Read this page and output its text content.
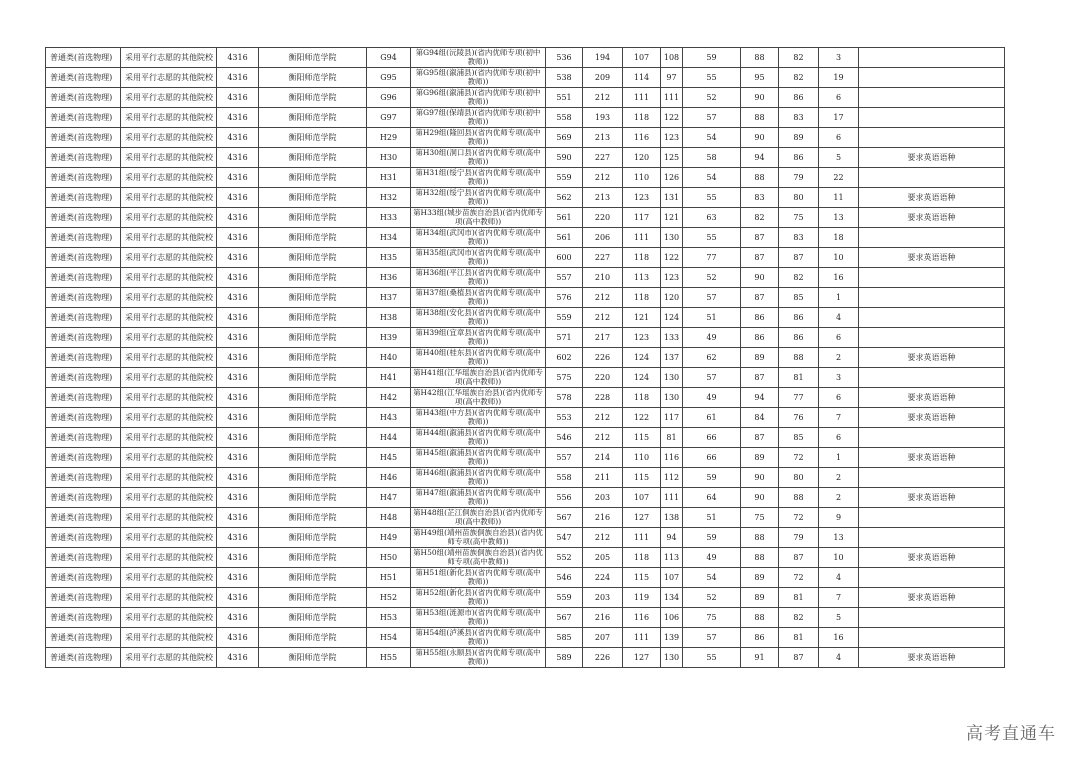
普通类(首选物理)	采用平行志愿的其他院校	4316	衡阳师范学院	G94	第G94组(沅陵县)(省内优师专项(初中教师))	536	194	107	108	59	88	82	3	
普通类(首选物理)	采用平行志愿的其他院校	4316	衡阳师范学院	G95	第G95组(溆浦县)(省内优师专项(初中教师))	538	209	114	97	55	95	82	19	
普通类(首选物理)	采用平行志愿的其他院校	4316	衡阳师范学院	G96	第G96组(溆浦县)(省内优师专项(初中教师))	551	212	111	111	52	90	86	6	
普通类(首选物理)	采用平行志愿的其他院校	4316	衡阳师范学院	G97	第G97组(保靖县)(省内优师专项(初中教师))	558	193	118	122	57	88	83	17	
普通类(首选物理)	采用平行志愿的其他院校	4316	衡阳师范学院	H29	第H29组(隆回县)(省内优师专项(高中教师))	569	213	116	123	54	90	89	6	
普通类(首选物理)	采用平行志愿的其他院校	4316	衡阳师范学院	H30	第H30组(洞口县)(省内优师专项(高中教师))	590	227	120	125	58	94	86	5	要求英语语种
普通类(首选物理)	采用平行志愿的其他院校	4316	衡阳师范学院	H31	第H31组(绥宁县)(省内优师专项(高中教师))	559	212	110	126	54	88	79	22	
普通类(首选物理)	采用平行志愿的其他院校	4316	衡阳师范学院	H32	第H32组(绥宁县)(省内优师专项(高中教师))	562	213	123	131	55	83	80	11	要求英语语种
普通类(首选物理)	采用平行志愿的其他院校	4316	衡阳师范学院	H33	第H33组(城步苗族自治县)(省内优师专项(高中教师))	561	220	117	121	63	82	75	13	要求英语语种
普通类(首选物理)	采用平行志愿的其他院校	4316	衡阳师范学院	H34	第H34组(武冈市)(省内优师专项(高中教师))	561	206	111	130	55	87	83	18	
普通类(首选物理)	采用平行志愿的其他院校	4316	衡阳师范学院	H35	第H35组(武冈市)(省内优师专项(高中教师))	600	227	118	122	77	87	87	10	要求英语语种
普通类(首选物理)	采用平行志愿的其他院校	4316	衡阳师范学院	H36	第H36组(平江县)(省内优师专项(高中教师))	557	210	113	123	52	90	82	16	
普通类(首选物理)	采用平行志愿的其他院校	4316	衡阳师范学院	H37	第H37组(桑植县)(省内优师专项(高中教师))	576	212	118	120	57	87	85	1	
普通类(首选物理)	采用平行志愿的其他院校	4316	衡阳师范学院	H38	第H38组(安化县)(省内优师专项(高中教师))	559	212	121	124	51	86	86	4	
普通类(首选物理)	采用平行志愿的其他院校	4316	衡阳师范学院	H39	第H39组(宜章县)(省内优师专项(高中教师))	571	217	123	133	49	86	86	6	
普通类(首选物理)	采用平行志愿的其他院校	4316	衡阳师范学院	H40	第H40组(桂东县)(省内优师专项(高中教师))	602	226	124	137	62	89	88	2	要求英语语种
普通类(首选物理)	采用平行志愿的其他院校	4316	衡阳师范学院	H41	第H41组(江华瑶族自治县)(省内优师专项(高中教师))	575	220	124	130	57	87	81	3	
普通类(首选物理)	采用平行志愿的其他院校	4316	衡阳师范学院	H42	第H42组(江华瑶族自治县)(省内优师专项(高中教师))	578	228	118	130	49	94	77	6	要求英语语种
普通类(首选物理)	采用平行志愿的其他院校	4316	衡阳师范学院	H43	第H43组(中方县)(省内优师专项(高中教师))	553	212	122	117	61	84	76	7	要求英语语种
普通类(首选物理)	采用平行志愿的其他院校	4316	衡阳师范学院	H44	第H44组(溆浦县)(省内优师专项(高中教师))	546	212	115	81	66	87	85	6	
普通类(首选物理)	采用平行志愿的其他院校	4316	衡阳师范学院	H45	第H45组(溆浦县)(省内优师专项(高中教师))	557	214	110	116	66	89	72	1	要求英语语种
普通类(首选物理)	采用平行志愿的其他院校	4316	衡阳师范学院	H46	第H46组(溆浦县)(省内优师专项(高中教师))	558	211	115	112	59	90	80	2	
普通类(首选物理)	采用平行志愿的其他院校	4316	衡阳师范学院	H47	第H47组(溆浦县)(省内优师专项(高中教师))	556	203	107	111	64	90	88	2	要求英语语种
普通类(首选物理)	采用平行志愿的其他院校	4316	衡阳师范学院	H48	第H48组(芷江侗族自治县)(省内优师专项(高中教师))	567	216	127	138	51	75	72	9	
普通类(首选物理)	采用平行志愿的其他院校	4316	衡阳师范学院	H49	第H49组(靖州苗族侗族自治县)(省内优师专项(高中教师))	547	212	111	94	59	88	79	13	
普通类(首选物理)	采用平行志愿的其他院校	4316	衡阳师范学院	H50	第H50组(靖州苗族侗族自治县)(省内优师专项(高中教师))	552	205	118	113	49	88	87	10	要求英语语种
普通类(首选物理)	采用平行志愿的其他院校	4316	衡阳师范学院	H51	第H51组(新化县)(省内优师专项(高中教师))	546	224	115	107	54	89	72	4	
普通类(首选物理)	采用平行志愿的其他院校	4316	衡阳师范学院	H52	第H52组(新化县)(省内优师专项(高中教师))	559	203	119	134	52	89	81	7	要求英语语种
普通类(首选物理)	采用平行志愿的其他院校	4316	衡阳师范学院	H53	第H53组(涟源市)(省内优师专项(高中教师))	567	216	116	106	75	88	82	5	
普通类(首选物理)	采用平行志愿的其他院校	4316	衡阳师范学院	H54	第H54组(泸溪县)(省内优师专项(高中教师))	585	207	111	139	57	86	81	16	
普通类(首选物理)	采用平行志愿的其他院校	4316	衡阳师范学院	H55	第H55组(永顺县)(省内优师专项(高中教师))	589	226	127	130	55	91	87	4	要求英语语种
高考直通车
